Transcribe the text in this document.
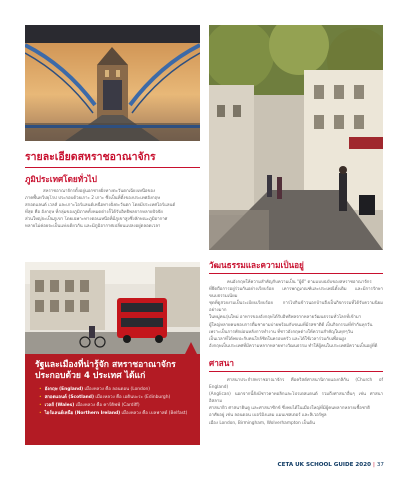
รัฐและเมืองที่น่ารู้จัก สหราชอาณาจักร
ประกอบด้วย 4 ประเทศ ได้แก่
• อังกฤษ (England) เมืองหลวง คือ ลอนดอน (London)
• สกอตแลนด์ (Scotland) เมืองหลวง คือ เอดินบะระ (Edinburgh)
• เวลส์ (Wales) เมืองหลวง คือ คาร์ดิฟฟ์ (Cardiff)
• ไอร์แลนด์เหนือ (Northern Ireland) เมืองหลวง คือ เบลฟาสต์ (Belfast)
รายละเอียดสหราชอาณาจักร
ภูมิประเทศโดยทั่วไป
สหราชอาณาจักรตั้งอยู่นอกชายฝั่งทางตะวันตกเฉียงเหนือของ
ภาคพื้นทวีปยุโรป ประกอบด้วยเกาะ 2 เกาะ ซึ่งเป็นที่ตั้งของประเทศอังกฤษ
สกอตแลนด์ เวลส์ และเกาะไอร์แลนด์เหนือทางฝั่งตะวันตก โดยมีประเทศไอร์แลนด์
ที่สุด คือ อังกฤษ ที่กลุ่มของภูมิภาคทั้งหมดต่างก็ได้รับอิทธิพลจากหลายปัจจัย
ส่วนใหญ่จะเป็นภูเขา โดยเฉพาะทางตอนเหนือที่มีภูเขาสูงซึ่งลักษณะภูมิอากาศ
หลายไม่ค่อยจะเป็นแห่งเดียวกัน และมีภูมิอากาศเปลี่ยนแปลงอยู่ตลอดเวลา
วัฒนธรรมและความเป็นอยู่
คนอังกฤษให้ความสำคัญกับความเป็น "ผู้ดี" ตามแบบฉบับของสหราชอาณาจักร
ที่ยึดถือการอยู่ร่วมกันอย่างเรียบร้อย เคารพกฎเกณฑ์และประเพณีดั้งเดิม และมีการรักษาขนบธรรมเนียม
ชุดที่ดูสวยงามเป็นระเบียบเรียบร้อย การไปกินข้าวนอกบ้านจึงเป็นกิจกรรมที่ได้รับความนิยมอย่างมาก
ในหมู่คนรุ่นใหม่ อาหารของอังกฤษได้รับอิทธิพลจากหลายวัฒนธรรมทั่วโลกที่เข้ามา
ผู้ใหญ่หลายคนชอบการดื่มชายามบ่ายพร้อมกับขนมที่มีรสชาติดี เป็นกิจกรรมที่ทำกันทุกวัน
เพราะเป็นการพักผ่อนหลังการทำงาน ที่ชาวอังกฤษต่างให้ความสำคัญในทุกๆวัน
เป็นเวลาที่ได้พบปะกับคนใกล้ชิดในครอบครัว และได้ใช้เวลาร่วมกับเพื่อนฝูง
อังกฤษเป็นประเทศที่มีความหลากหลายทางวัฒนธรรม ทำให้ผู้คนในประเทศมีความเป็นอยู่ที่ดี
ศาสนา
ศาสนาประจำสหราชอาณาจักร คือคริสต์ศาสนานิกายแองกลิกัน (Church of England)
(Anglican) นอกจากนี้ยังมีชาวคาทอลิกและโปรเตสแตนต์ รวมถึงศาสนาอื่นๆ เช่น ศาสนาอิสลาม
ศาสนายิว ศาสนาฮินดู และศาสนาซิกข์ ซึ่งพบได้ในเมืองใหญ่ที่มีผู้คนหลากหลายเชื้อชาติ
อาศัยอยู่ เช่น ลอนดอน เบอร์มิงแฮม แมนเชสเตอร์ และลิเวอร์พูล
เมือง London, Birmingham, Wolverhampton เป็นต้น
CETA UK SCHOOL GUIDE 2020 | 37
